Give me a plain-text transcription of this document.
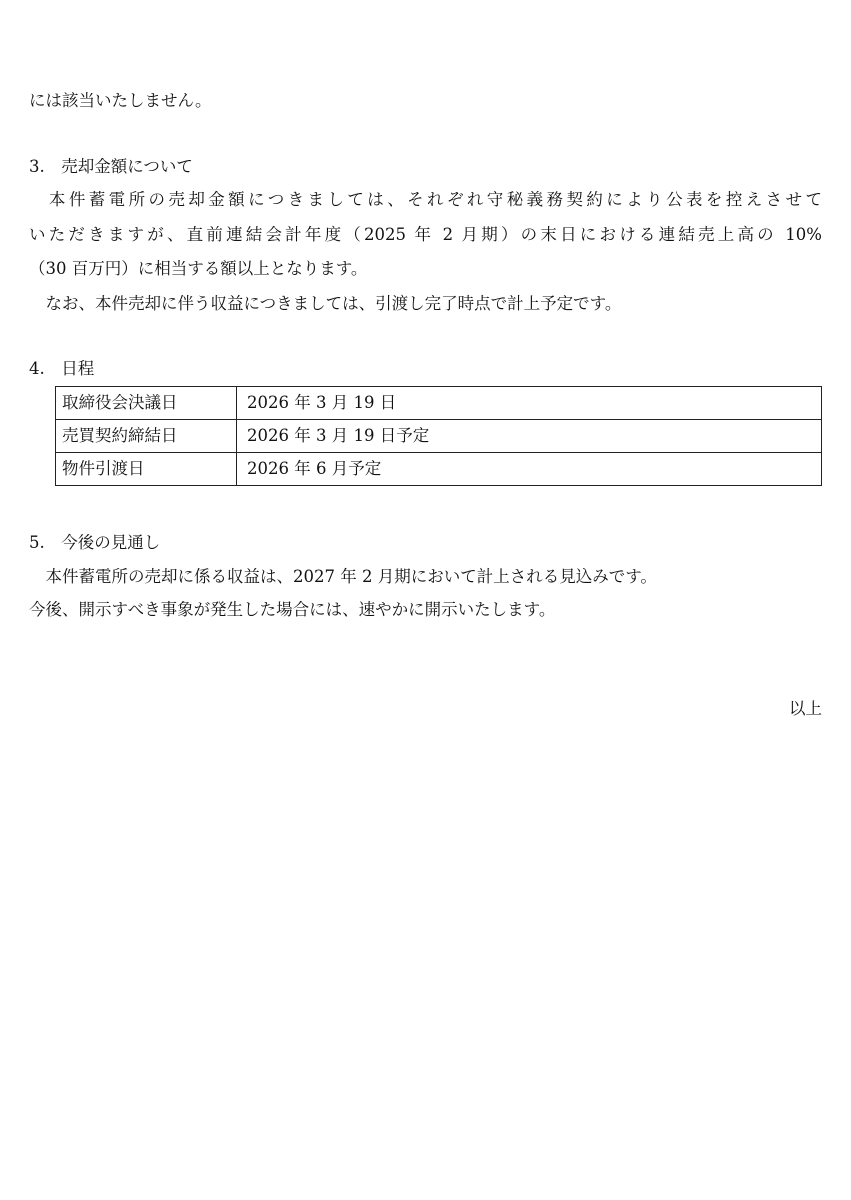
には該当いたしません。
3.　売却金額について
　本件蓄電所の売却金額につきましては、それぞれ守秘義務契約により公表を控えさせて
いただきますが、直前連結会計年度（2025 年 2 月期）の末日における連結売上高の 10%
（30 百万円）に相当する額以上となります。
　なお、本件売却に伴う収益につきましては、引渡し完了時点で計上予定です。
4.　日程
取締役会決議日	2026 年 3 月 19 日
売買契約締結日	2026 年 3 月 19 日予定
物件引渡日	2026 年 6 月予定
5.　今後の見通し
　本件蓄電所の売却に係る収益は、2027 年 2 月期において計上される見込みです。
今後、開示すべき事象が発生した場合には、速やかに開示いたします。
以上
